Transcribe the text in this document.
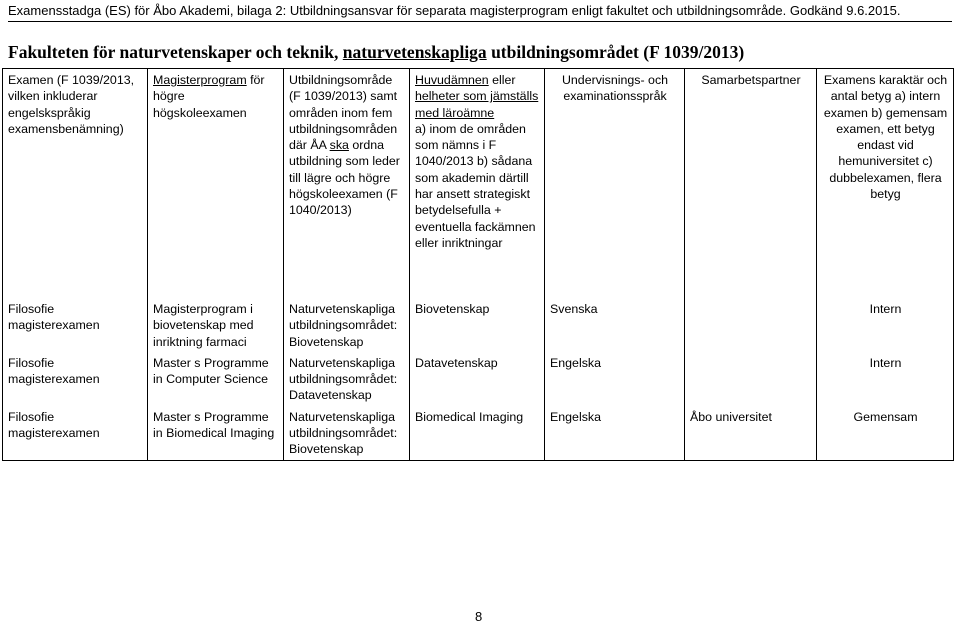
Examensstadga (ES) för Åbo Akademi, bilaga 2: Utbildningsansvar för separata magisterprogram enligt fakultet och utbildningsområde. Godkänd 9.6.2015.
Fakulteten för naturvetenskaper och teknik, naturvetenskapliga utbildningsområdet (F 1039/2013)
Examen (F 1039/2013, vilken inkluderar engelskspråkig examensbenämning)	Magisterprogram för högre högskoleexamen	Utbildningsområde (F 1039/2013) samt områden inom fem utbildningsområden där ÅA ska ordna utbildning som leder till lägre och högre högskoleexamen (F 1040/2013)	Huvudämnen eller helheter som jämställs med läroämne
a) inom de områden som nämns i F 1040/2013 b) sådana som akademin därtill har ansett strategiskt betydelsefulla + eventuella fackämnen eller inriktningar	Undervisnings- och examinationsspråk	Samarbetspartner	Examens karaktär och antal betyg a) intern examen b) gemensam examen, ett betyg endast vid hemuniversitet c) dubbelexamen, flera betyg
Filosofie magisterexamen	Magisterprogram i biovetenskap med inriktning farmaci	Naturvetenskapliga utbildningsområdet: Biovetenskap	Biovetenskap	Svenska		Intern
Filosofie magisterexamen	Master s Programme in Computer Science	Naturvetenskapliga utbildningsområdet: Datavetenskap	Datavetenskap	Engelska		Intern
Filosofie magisterexamen	Master s Programme in Biomedical Imaging	Naturvetenskapliga utbildningsområdet: Biovetenskap	Biomedical Imaging	Engelska	Åbo universitet	Gemensam
8
